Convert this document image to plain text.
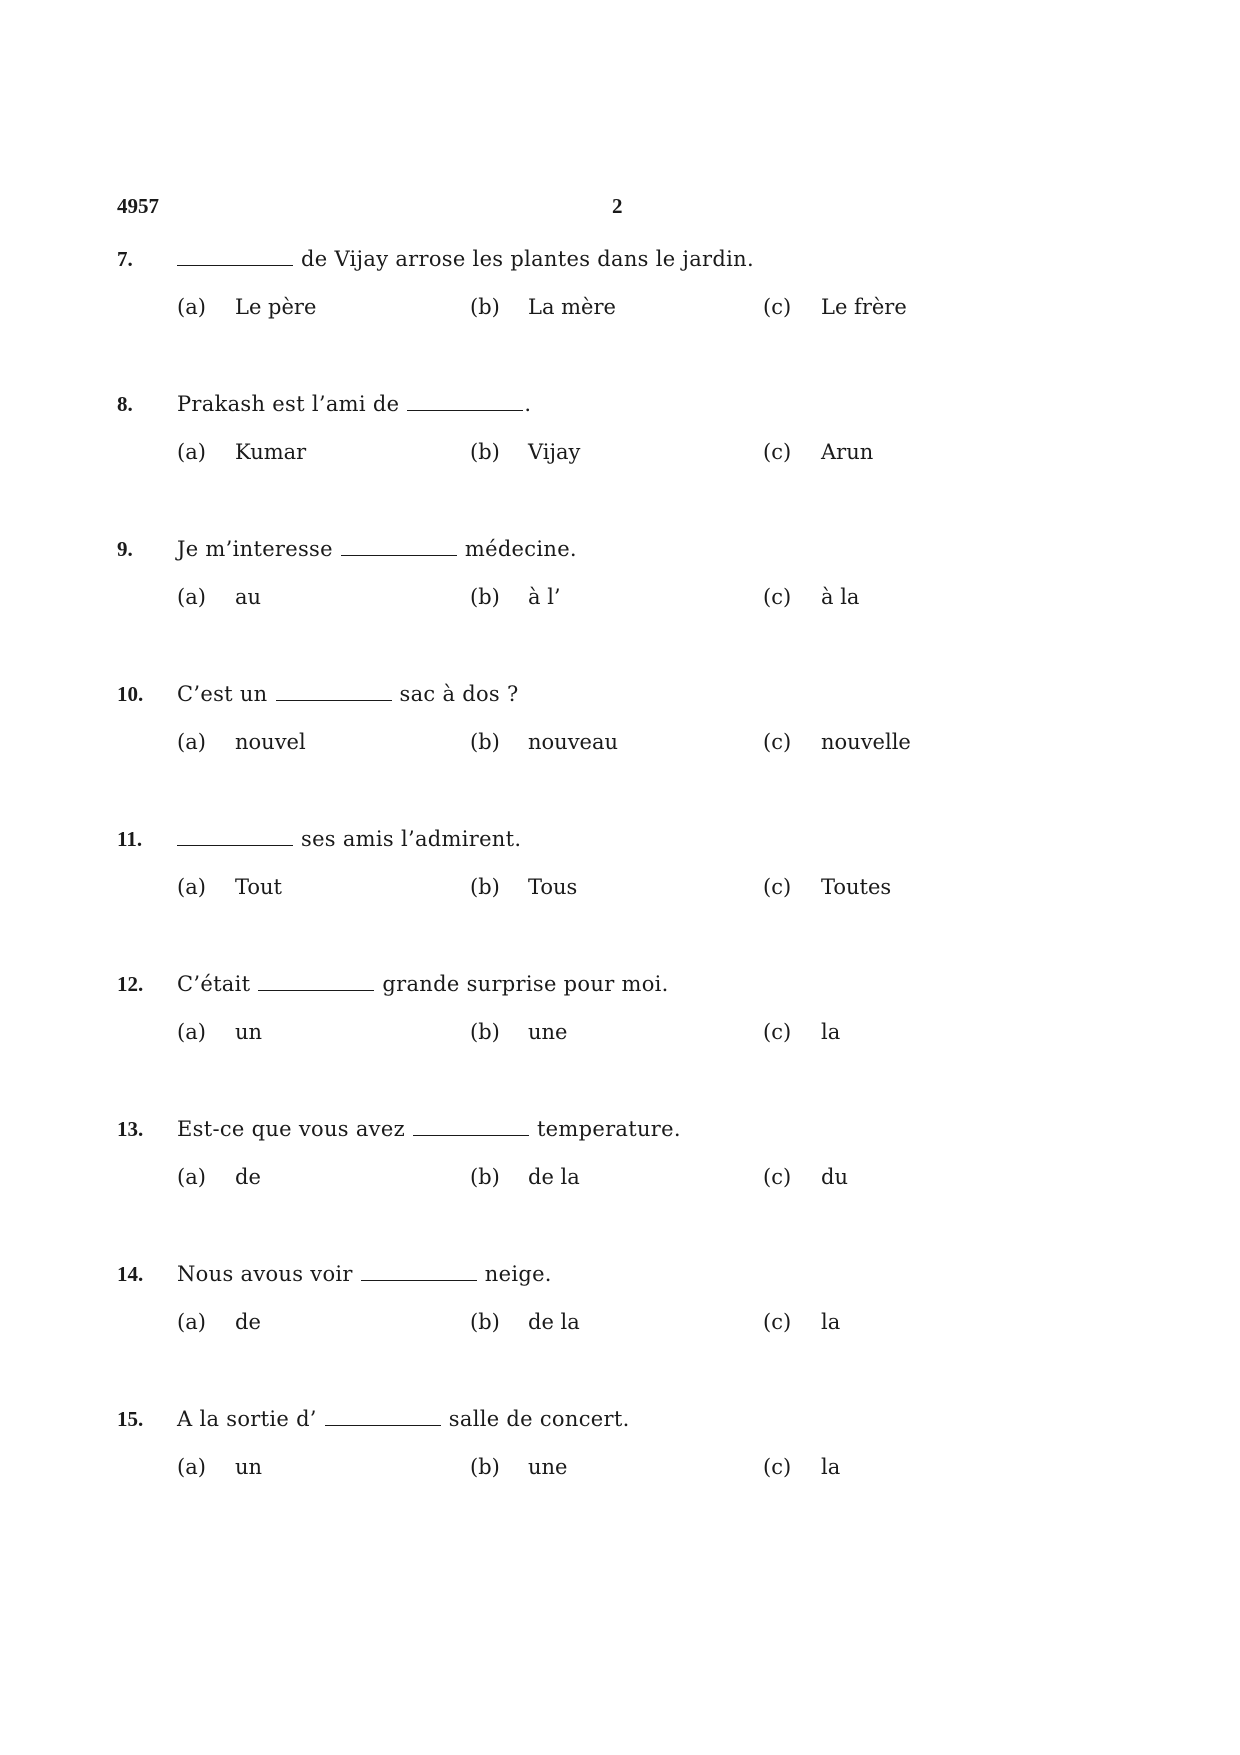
4957	2
7.	de Vijay arrose les plantes dans le jardin.
(a) Le père	(b) La mère	(c) Le frère
8.	Prakash est l’ami de	.
(a) Kumar	(b) Vijay	(c) Arun
9.	Je m’interesse	médecine.
(a) au	(b) à l’	(c) à la
10.	C’est un	sac à dos ?
(a) nouvel	(b) nouveau	(c) nouvelle
11.	ses amis l’admirent.
(a) Tout	(b) Tous	(c) Toutes
12.	C’était	grande surprise pour moi.
(a) un	(b) une	(c) la
13.	Est-ce que vous avez	temperature.
(a) de	(b) de la	(c) du
14.	Nous avous voir	neige.
(a) de	(b) de la	(c) la
15.	A la sortie d’	salle de concert.
(a) un	(b) une	(c) la
